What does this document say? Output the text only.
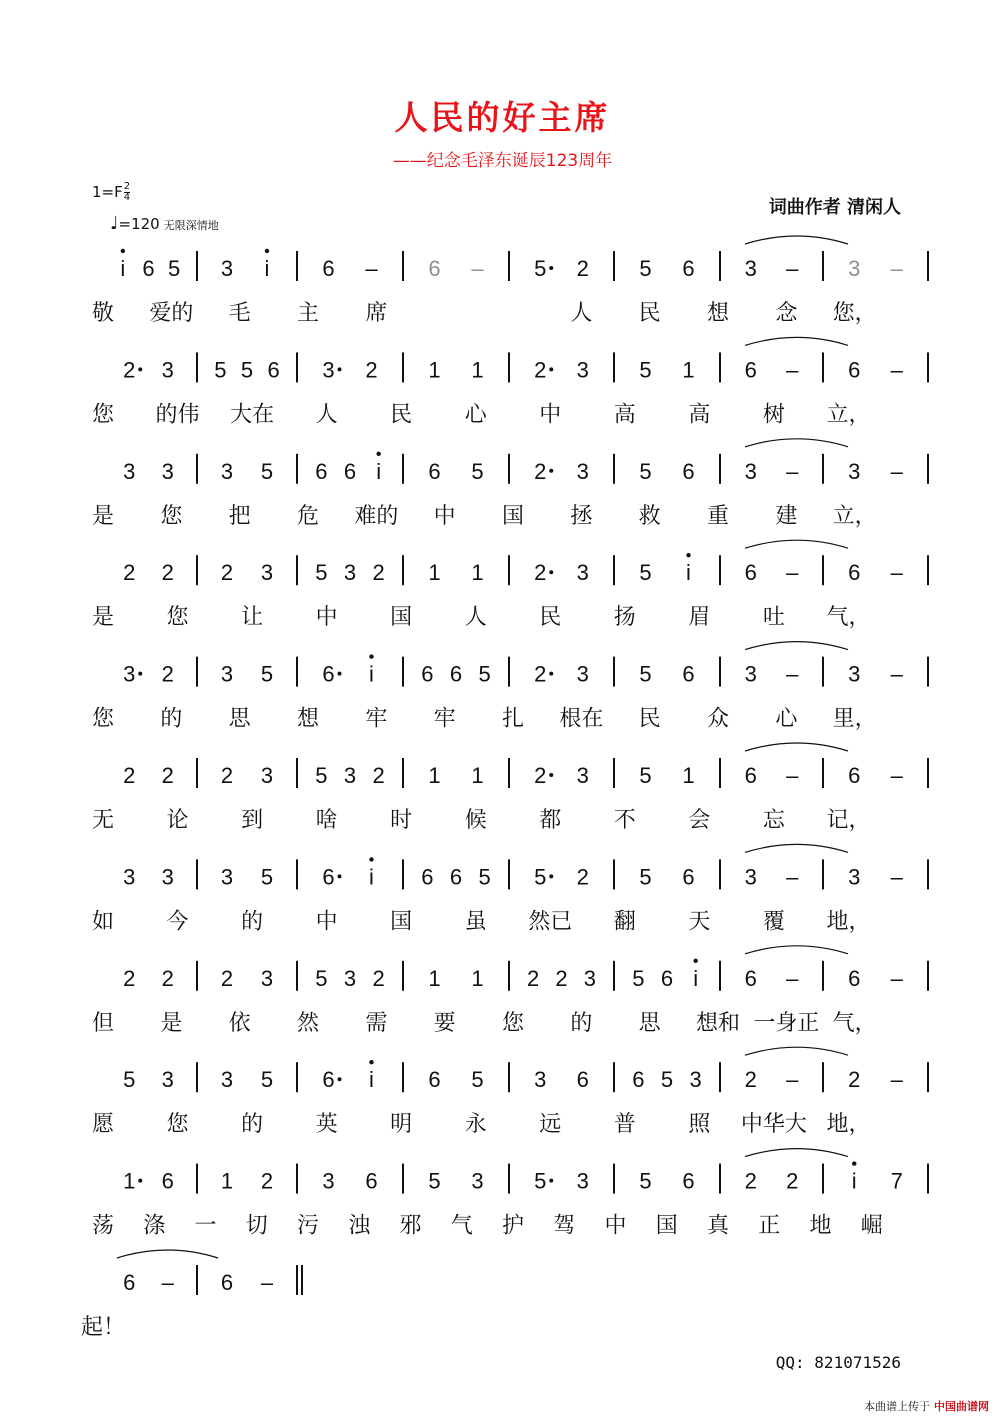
人民的好主席
——纪念毛泽东诞辰123周年
$1=F \frac{2}{4}$
♩=120 无限深情地
词曲作者 清闲人
i 6 5 3 i 6 – 6 – 5 2 5 6 3 – 3 –
敬 爱的 毛 主 席	人 民 想 念 您，
2 3 5 5 6 3 2 1 1 2 3 5 1 6 – 6 –
您 的伟 大在 人 民 心 中 高 高 树 立，
3 3 3 5 6 6 i 6 5 2 3 5 6 3 – 3 –
是 您 把 危 难的 中 国 拯 救 重 建 立，
2 2 2 3 5 3 2 1 1 2 3 5 i 6 – 6 –
是 您 让 中 国 人 民 扬 眉 吐 气，
3 2 3 5 6 i 6 6 5 2 3 5 6 3 – 3 –
您 的 思 想 牢 牢 扎 根在 民 众 心 里，
2 2 2 3 5 3 2 1 1 2 3 5 1 6 – 6 –
无 论 到 啥 时 候 都 不 会 忘 记，
3 3 3 5 6 i 6 6 5 5 2 5 6 3 – 3 –
如 今 的 中 国 虽 然已 翻 天 覆 地，
2 2 2 3 5 3 2 1 1 2 2 3 5 6 i 6 – 6 –
但 是 依 然 需 要 您 的 思 想和 一身正 气，
5 3 3 5 6 i 6 5 3 6 6 5 3 2 – 2 –
愿 您 的 英 明 永 远 普 照 中华大 地，
1 6 1 2 3 6 5 3 5 3 5 6 2 2 i 7
荡 涤 一 切 污 浊 邪 气 护 驾 中 国 真 正 地 崛
6 – 6 –
起！
QQ: 821071526
本曲谱上传于 中国曲谱网
